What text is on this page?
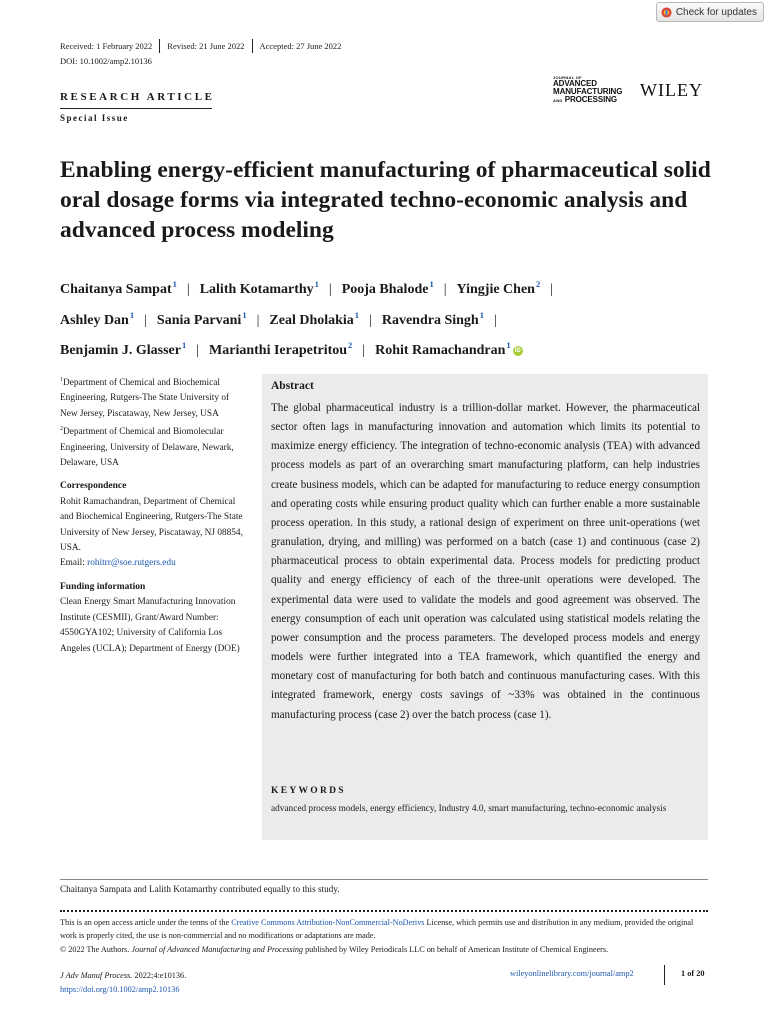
Check for updates
Received: 1 February 2022 Revised: 21 June 2022 Accepted: 27 June 2022
DOI: 10.1002/amp2.10136
JOURNAL OF
ADVANCED
MANUFACTURING
AND PROCESSING WILEY
RESEARCH ARTICLE
Special Issue
Enabling energy-efficient manufacturing of pharmaceutical solid oral dosage forms via integrated techno-economic analysis and advanced process modeling
Chaitanya Sampat$^1$ | Lalith Kotamarthy$^1$ | Pooja Bhalode$^1$ | Yingjie Chen$^2$ |
Ashley Dan$^1$ | Sania Parvani$^1$ | Zeal Dholakia$^1$ | Ravendra Singh$^1$ |
Benjamin J. Glasser$^1$ | Marianthi Ierapetritou$^2$ | Rohit Ramachandran$^1$iD
$^1$Department of Chemical and Biochemical Engineering, Rutgers-The State University of New Jersey, Piscataway, New Jersey, USA
$^2$Department of Chemical and Biomolecular Engineering, University of Delaware, Newark, Delaware, USA
Correspondence
Rohit Ramachandran, Department of Chemical and Biochemical Engineering, Rutgers-The State University of New Jersey, Piscataway, NJ 08854, USA.
Email: rohitrr@soe.rutgers.edu
Funding information
Clean Energy Smart Manufacturing Innovation Institute (CESMII), Grant/Award Number: 4550GYA102; University of California Los Angeles (UCLA); Department of Energy (DOE)
Abstract
The global pharmaceutical industry is a trillion-dollar market. However, the pharmaceutical sector often lags in manufacturing innovation and automation which limits its potential to maximize energy efficiency. The integration of techno-economic analysis (TEA) with advanced process models as part of an overarching smart manufacturing platform, can help industries create business models, which can be adapted for manufacturing to reduce energy consumption and operating costs while ensuring product quality which can further enable a more sustainable process operation. In this study, a rational design of experiment on three unit-operations (wet granulation, drying, and milling) was performed on a batch (case 1) and continuous (case 2) pharmaceutical process to obtain experimental data. Process models for predicting product quality and energy efficiency of each of the three-unit operations were developed. The experimental data were used to validate the models and good agreement was observed. The energy consumption of each unit operation was calculated using statistical models relating the power consumption and the process parameters. The developed process models and energy models were further integrated into a TEA framework, which quantified the energy and monetary cost of manufacturing for both batch and continuous manufacturing cases. With this integrated framework, energy costs savings of ~33% was obtained in the continuous manufacturing process (case 2) over the batch process (case 1).
KEYWORDS
advanced process models, energy efficiency, Industry 4.0, smart manufacturing, techno-economic analysis
Chaitanya Sampata and Lalith Kotamarthy contributed equally to this study.
This is an open access article under the terms of the Creative Commons Attribution-NonCommercial-NoDerivs License, which permits use and distribution in any medium, provided the original work is properly cited, the use is non-commercial and no modifications or adaptations are made.
© 2022 The Authors. Journal of Advanced Manufacturing and Processing published by Wiley Periodicals LLC on behalf of American Institute of Chemical Engineers.
J Adv Manuf Process. 2022;4:e10136.
https://doi.org/10.1002/amp2.10136
wileyonlinelibrary.com/journal/amp2	1 of 20
